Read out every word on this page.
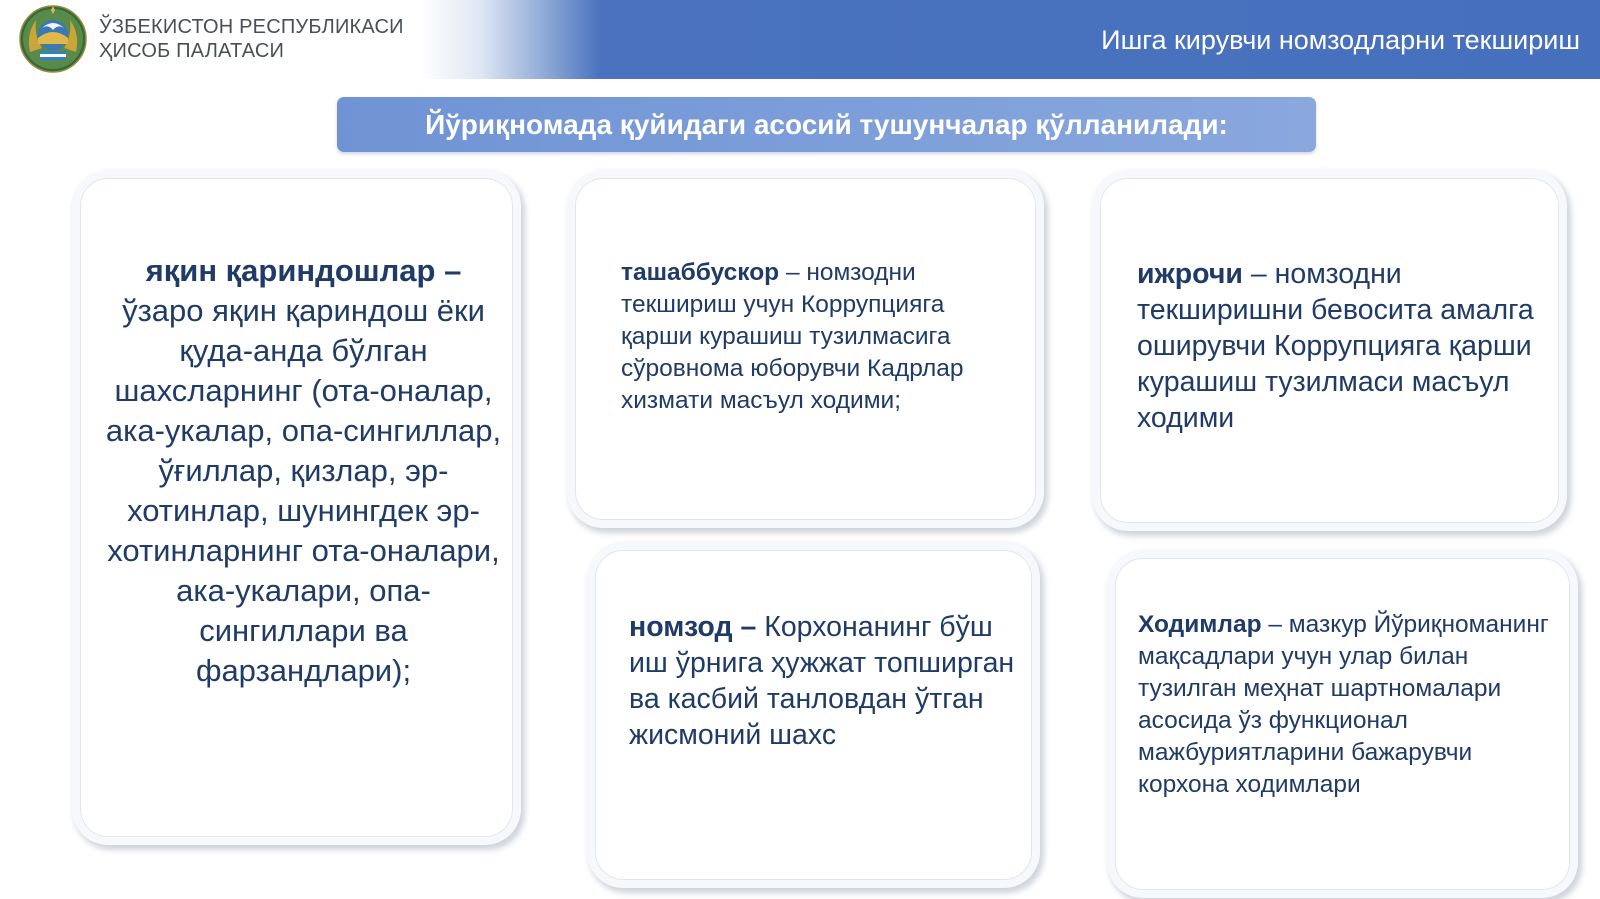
ЎЗБЕКИСТОН РЕСПУБЛИКАСИ
ҲИСОБ ПАЛАТАСИ	Ишга кирувчи номзодларни текшириш
Йўриқномада қуйидаги асосий тушунчалар қўлланилади:
яқин қариндошлар – ўзаро яқин қариндош ёки қуда-анда бўлган шахсларнинг (ота-оналар, ака-укалар, опа-сингиллар, ўғиллар, қизлар, эр-хотинлар, шунингдек эр-хотинларнинг ота-оналари, ака-укалари, опа-сингиллари ва фарзандлари);
ташаббускор – номзодни текшириш учун Коррупцияга қарши курашиш тузилмасига сўровнома юборувчи Кадрлар хизмати масъул ходими;
ижрочи – номзодни текширишни бевосита амалга оширувчи Коррупцияга қарши курашиш тузилмаси масъул ходими
номзод – Корхонанинг бўш иш ўрнига ҳужжат топширган ва касбий танловдан ўтган жисмоний шахс
Ходимлар – мазкур Йўриқноманинг мақсадлари учун улар билан тузилган меҳнат шартномалари асосида ўз функционал мажбуриятларини бажарувчи корхона ходимлари
